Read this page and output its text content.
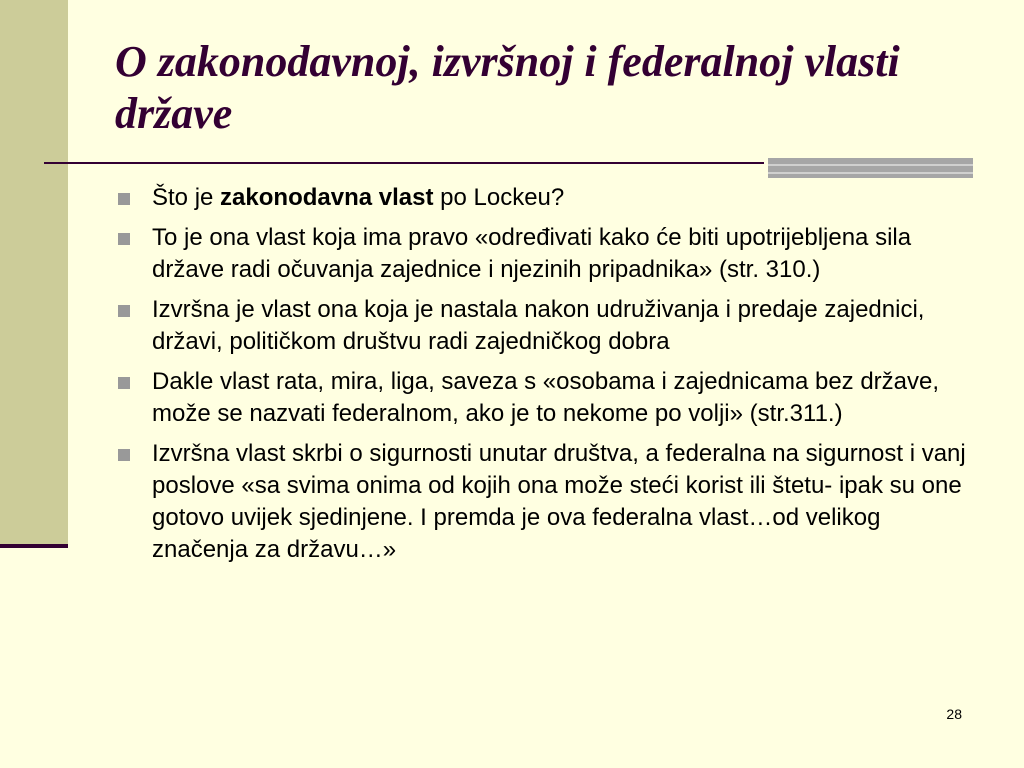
O zakonodavnoj, izvršnoj i federalnoj vlasti države
Što je zakonodavna vlast po Lockeu?
To je ona vlast koja ima pravo «određivati kako će biti upotrijebljena sila države radi očuvanja zajednice i njezinih pripadnika» (str. 310.)
Izvršna je vlast ona koja je nastala nakon udruživanja i predaje zajednici, državi, političkom društvu radi zajedničkog dobra
Dakle vlast rata, mira, liga, saveza s «osobama i zajednicama bez države, može se nazvati federalnom, ako je to nekome po volji» (str.311.)
Izvršna vlast skrbi o sigurnosti unutar društva, a federalna na sigurnost i vanj poslove «sa svima onima od kojih ona može steći korist ili štetu- ipak su one gotovo uvijek sjedinjene. I premda je ova federalna vlast…od velikog značenja za državu…»
28
